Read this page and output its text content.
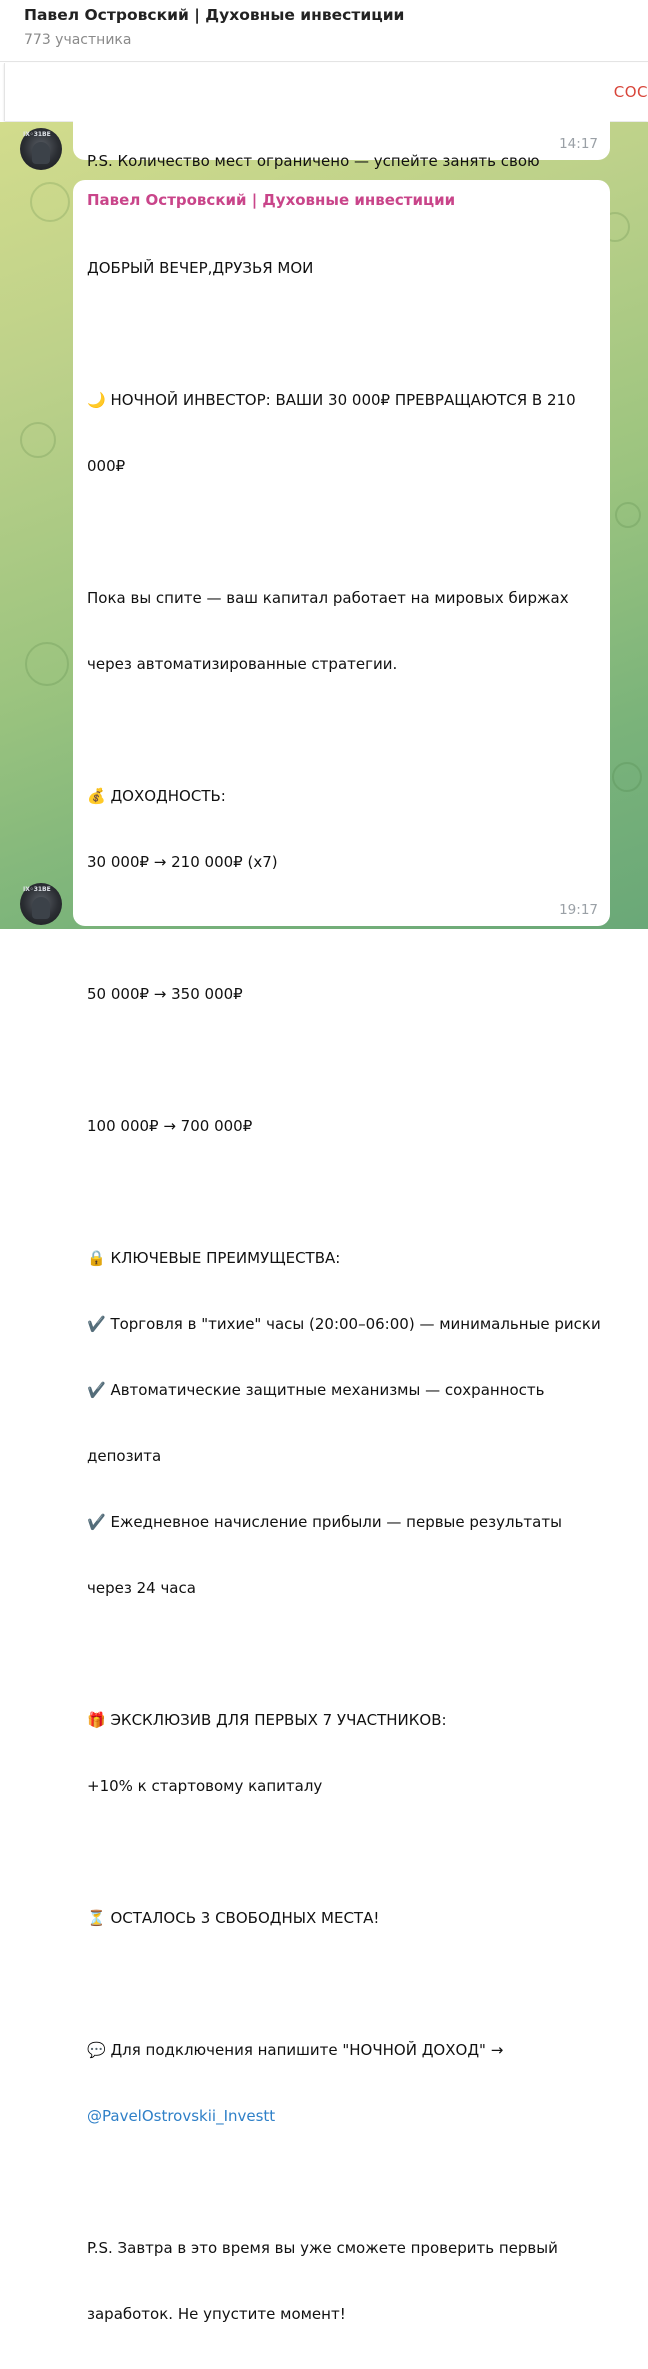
Павел Островский | Духовные инвестиции
773 участника
СОС
IX◦31BE

P.S. Количество мест ограничено — успейте занять свою

14:17
Павел Островский | Духовные инвестиции

ДОБРЫЙ ВЕЧЕР,ДРУЗЬЯ МОИ

🌙 НОЧНОЙ ИНВЕСТОР: ВАШИ 30 000₽ ПРЕВРАЩАЮТСЯ В 210

000₽

Пока вы спите — ваш капитал работает на мировых биржах

через автоматизированные стратегии.

💰 ДОХОДНОСТЬ:

30 000₽ → 210 000₽ (x7)

50 000₽ → 350 000₽

100 000₽ → 700 000₽

🔒 КЛЮЧЕВЫЕ ПРЕИМУЩЕСТВА:

✔️ Торговля в "тихие" часы (20:00–06:00) — минимальные риски

✔️ Автоматические защитные механизмы — сохранность

депозита

✔️ Ежедневное начисление прибыли — первые результаты

через 24 часа

🎁 ЭКСКЛЮЗИВ ДЛЯ ПЕРВЫХ 7 УЧАСТНИКОВ:

+10% к стартовому капиталу

⏳ ОСТАЛОСЬ 3 СВОБОДНЫХ МЕСТА!

💬 Для подключения напишите "НОЧНОЙ ДОХОД" →

@PavelOstrovskii_Investt

P.S. Завтра в это время вы уже сможете проверить первый

заработок. Не упустите момент!

19:17
IX◦31BE
